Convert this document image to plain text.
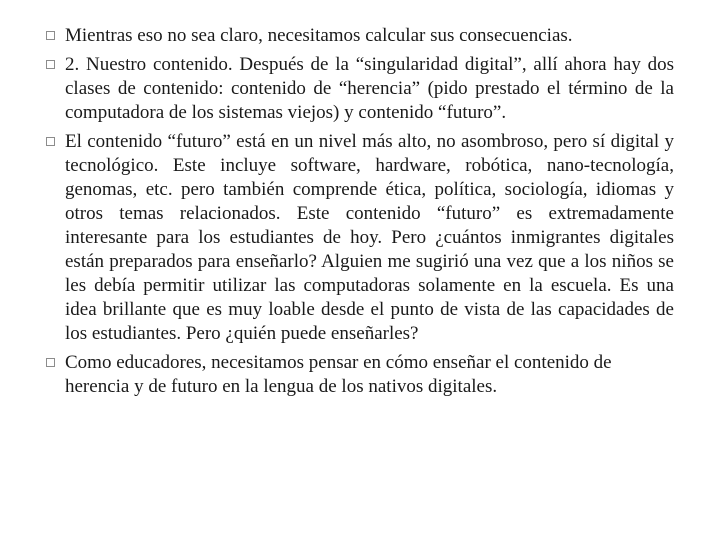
Mientras eso no sea claro, necesitamos calcular sus consecuencias.
2. Nuestro contenido. Después de la “singularidad digital”, allí ahora hay dos clases de contenido: contenido de “herencia” (pido prestado el término de la computadora de los sistemas viejos) y contenido “futuro”.
El contenido “futuro” está en un nivel más alto, no asombroso, pero sí digital y tecnológico. Este incluye software, hardware, robótica, nano-tecnología, genomas, etc. pero también comprende ética, política, sociología, idiomas y otros temas relacionados. Este contenido “futuro” es extremadamente interesante para los estudiantes de hoy. Pero ¿cuántos inmigrantes digitales están preparados para enseñarlo? Alguien me sugirió una vez que a los niños se les debía permitir utilizar las computadoras solamente en la escuela. Es una idea brillante que es muy loable desde el punto de vista de las capacidades de los estudiantes. Pero ¿quién puede enseñarles?
Como educadores, necesitamos pensar en cómo enseñar el contenido de herencia y de futuro en la lengua de los nativos digitales.
